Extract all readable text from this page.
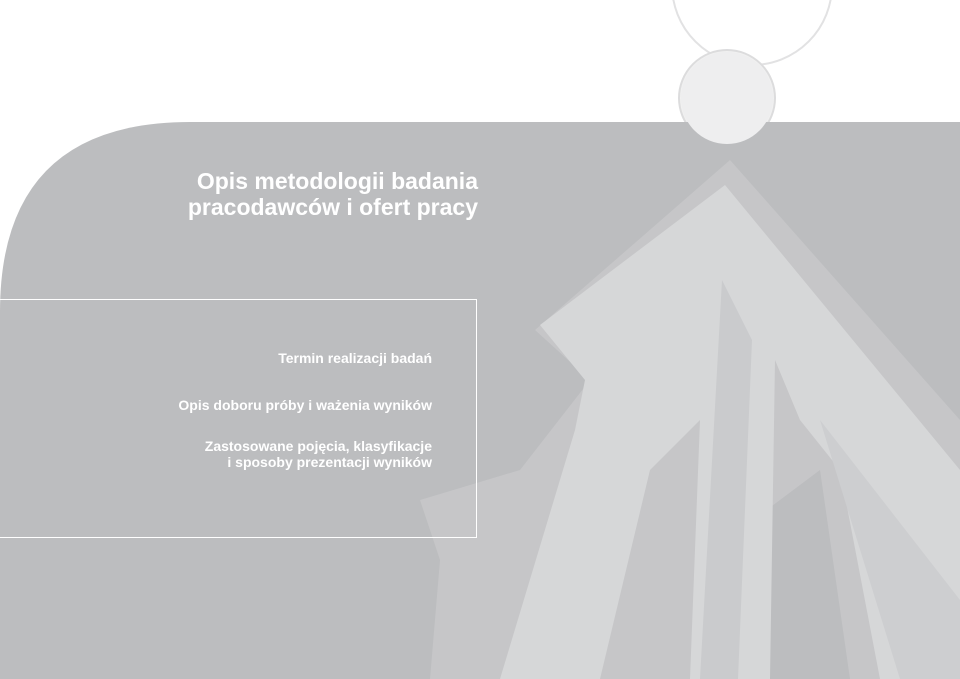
Opis metodologii badania
pracodawców i ofert pracy
Termin realizacji badań
Opis doboru próby i ważenia wyników
Zastosowane pojęcia, klasyfikacje
i sposoby prezentacji wyników
